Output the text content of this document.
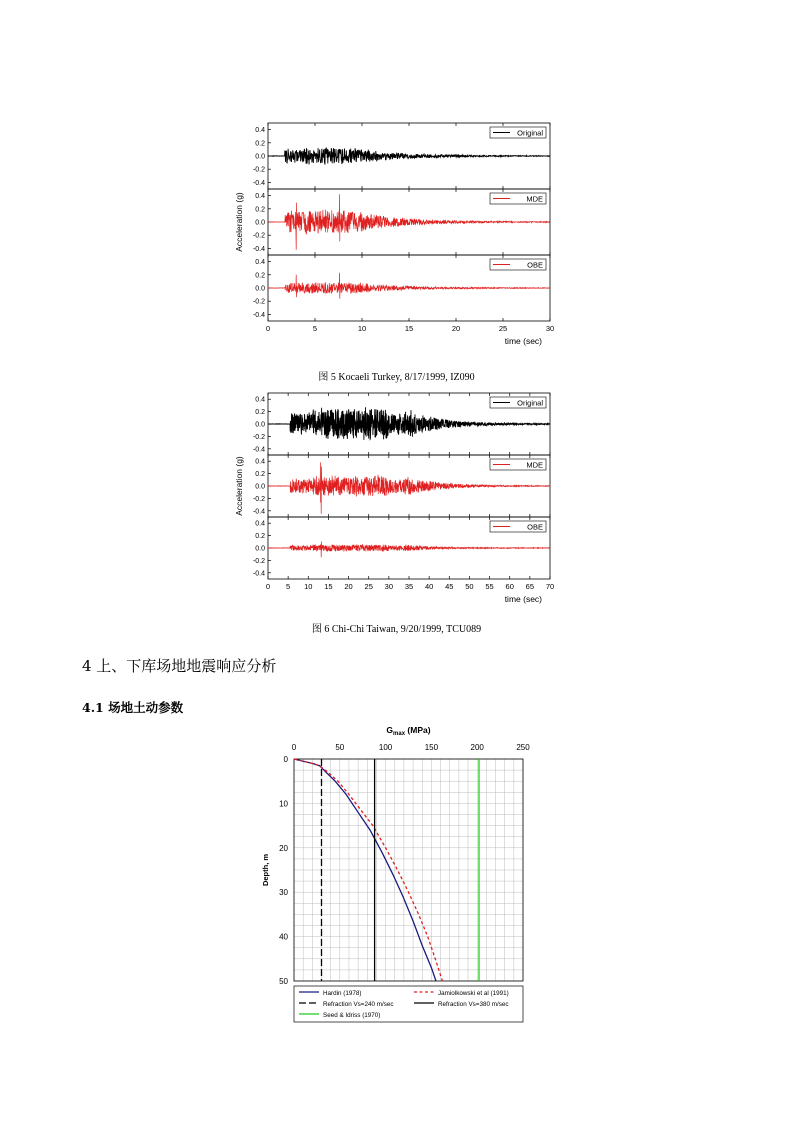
Acceleration (g)
0.4
0.2
0.0
-0.2
-0.4
Original
0.4
0.2
0.0
-0.2
-0.4
MDE
0.4
0.2
0.0
-0.2
-0.4
OBE
0	5	10	15	20	25	30
time (sec)
图 5 Kocaeli Turkey, 8/17/1999, IZ090
Acceleration (g)
0.4
0.2
0.0
-0.2
-0.4
Original
0.4
0.2
0.0
-0.2
-0.4
MDE
0.4
0.2
0.0
-0.2
-0.4
OBE
0 5 10 15 20 25 30 35 40 45 50 55 60 65 70
time (sec)
图 6 Chi-Chi Taiwan, 9/20/1999, TCU089
4 上、下库场地地震响应分析
4.1 场地土动参数
$G_{max}$ (MPa)
0	50	100	150	200	250
0
10
20
30
40
50
Depth, m
Hardin (1978)	Jamiolkowski et al (1991)
Refraction Vs=240 m/sec	Refraction Vs=380 m/sec
Seed & Idriss (1970)
